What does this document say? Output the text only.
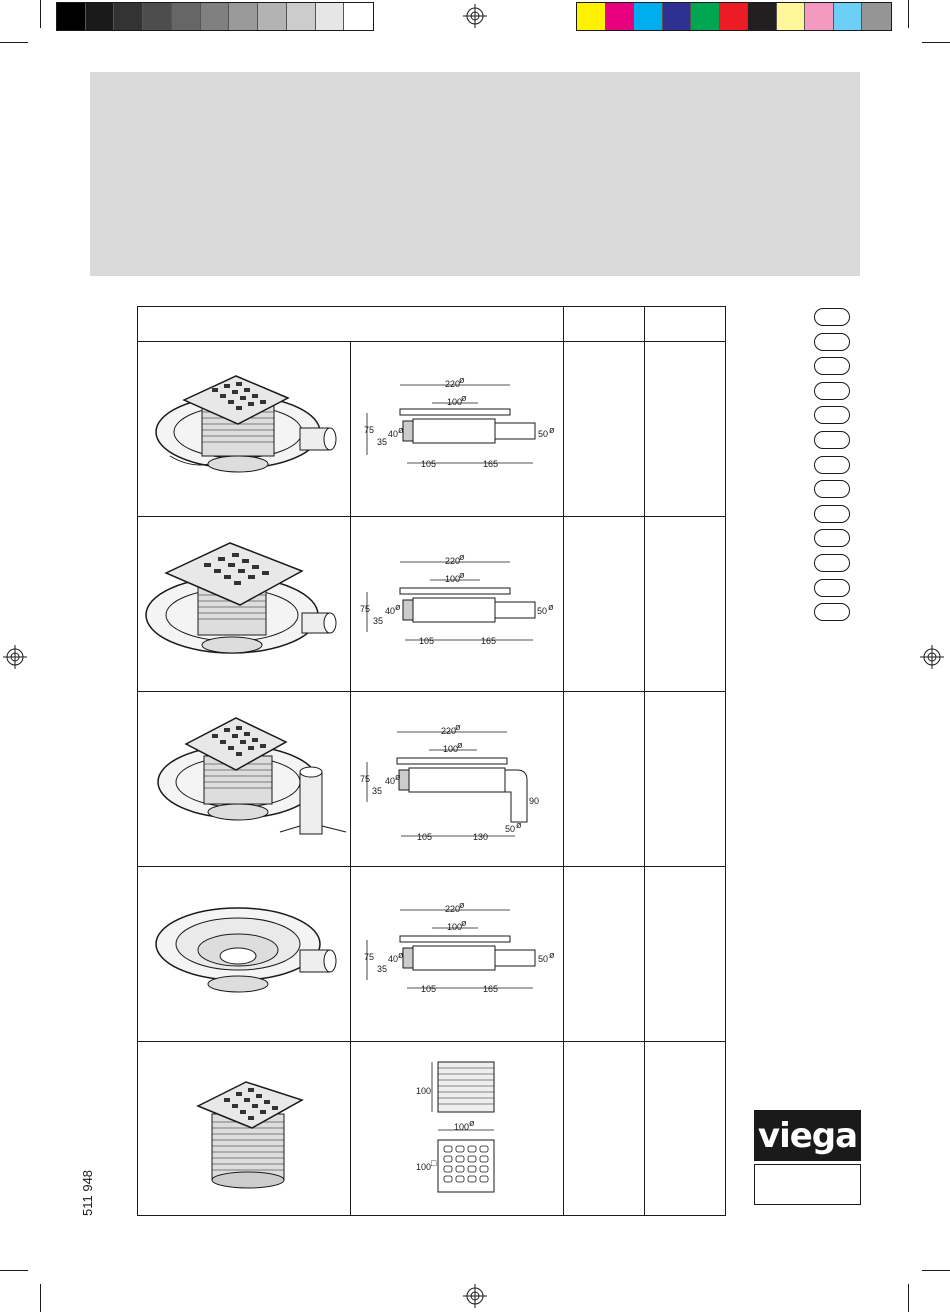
220
ø
100
ø
75 40 ø
35
50 ø
105	165
220
ø
100
ø
75 40 ø
35
50 ø
105	165
220
ø
100
ø
75 40 ø
35
90
50 ø
105	130
220
ø
100
ø
75 40 ø
35
50 ø
105	165
100
100 ø
100 □
viega
511 948
